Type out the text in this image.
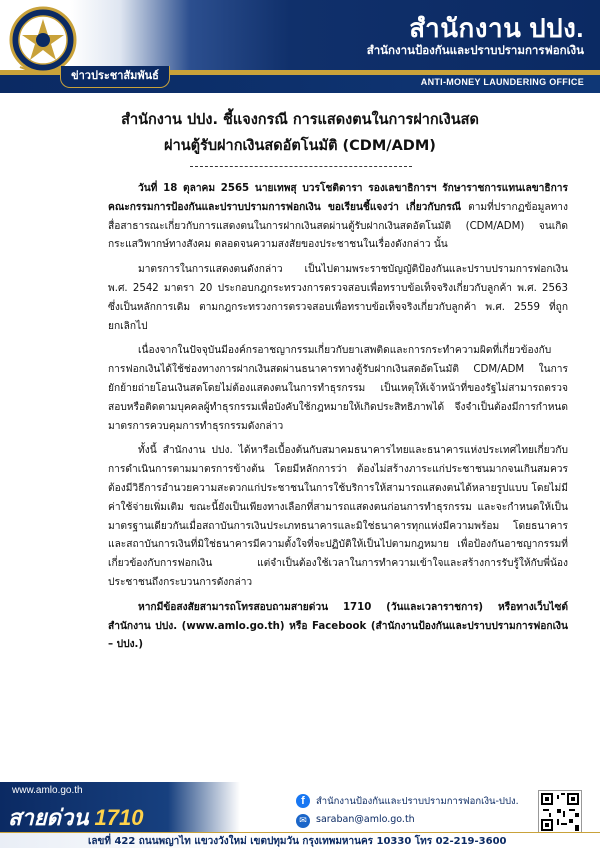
ข่าวประชาสัมพันธ์
สำนักงาน ปปง.
สำนักงานป้องกันและปราบปรามการฟอกเงิน
ANTI-MONEY LAUNDERING OFFICE
สำนักงาน ปปง. ชี้แจงกรณี การแสดงตนในการฝากเงินสด
ผ่านตู้รับฝากเงินสดอัตโนมัติ (CDM/ADM)

วันที่ 18 ตุลาคม 2565 นายเทพสุ บวรโชติดารา รองเลขาธิการฯ รักษาราชการแทนเลขาธิการคณะกรรมการป้องกันและปราบปรามการฟอกเงิน ขอเรียนชี้แจงว่า เกี่ยวกับกรณี ตามที่ปรากฏข้อมูลทางสื่อสาธารณะเกี่ยวกับการแสดงตนในการฝากเงินสดผ่านตู้รับฝากเงินสดอัตโนมัติ (CDM/ADM) จนเกิดกระแสวิพากษ์ทางสังคม ตลอดจนความสงสัยของประชาชนในเรื่องดังกล่าว นั้น

มาตรการในการแสดงตนดังกล่าว เป็นไปตามพระราชบัญญัติป้องกันและปราบปรามการฟอกเงิน พ.ศ. 2542 มาตรา 20 ประกอบกฎกระทรวงการตรวจสอบเพื่อทราบข้อเท็จจริงเกี่ยวกับลูกค้า พ.ศ. 2563 ซึ่งเป็นหลักการเดิม ตามกฎกระทรวงการตรวจสอบเพื่อทราบข้อเท็จจริงเกี่ยวกับลูกค้า พ.ศ. 2559 ที่ถูกยกเลิกไป

เนื่องจากในปัจจุบันมีองค์กรอาชญากรรมเกี่ยวกับยาเสพติดและการกระทำความผิดที่เกี่ยวข้องกับการฟอกเงินได้ใช้ช่องทางการฝากเงินสดผ่านธนาคารทางตู้รับฝากเงินสดอัตโนมัติ CDM/ADM ในการยักย้ายถ่ายโอนเงินสดโดยไม่ต้องแสดงตนในการทำธุรกรรม เป็นเหตุให้เจ้าหน้าที่ของรัฐไม่สามารถตรวจสอบหรือติดตามบุคคลผู้ทำธุรกรรมเพื่อบังคับใช้กฎหมายให้เกิดประสิทธิภาพได้ จึงจำเป็นต้องมีการกำหนดมาตรการควบคุมการทำธุรกรรมดังกล่าว

ทั้งนี้ สำนักงาน ปปง. ได้หารือเบื้องต้นกับสมาคมธนาคารไทยและธนาคารแห่งประเทศไทยเกี่ยวกับการดำเนินการตามมาตรการข้างต้น โดยมีหลักการว่า ต้องไม่สร้างภาระแก่ประชาชนมากจนเกินสมควร ต้องมีวิธีการอำนวยความสะดวกแก่ประชาชนในการใช้บริการให้สามารถแสดงตนได้หลายรูปแบบ โดยไม่มีค่าใช้จ่ายเพิ่มเติม ขณะนี้ยังเป็นเพียงทางเลือกที่สามารถแสดงตนก่อนการทำธุรกรรม และจะกำหนดให้เป็นมาตรฐานเดียวกันเมื่อสถาบันการเงินประเภทธนาคารและมิใช่ธนาคารทุกแห่งมีความพร้อม โดยธนาคารและสถาบันการเงินที่มิใช่ธนาคารมีความตั้งใจที่จะปฏิบัติให้เป็นไปตามกฎหมาย เพื่อป้องกันอาชญากรรมที่เกี่ยวข้องกับการฟอกเงิน แต่จำเป็นต้องใช้เวลาในการทำความเข้าใจและสร้างการรับรู้ให้กับพี่น้องประชาชนถึงกระบวนการดังกล่าว

หากมีข้อสงสัยสามารถโทรสอบถามสายด่วน 1710 (วันและเวลาราชการ) หรือทางเว็บไซต์สำนักงาน ปปง. (www.amlo.go.th) หรือ Facebook (สำนักงานป้องกันและปราบปรามการฟอกเงิน – ปปง.)

www.amlo.go.th
สายด่วน 1710
f	สำนักงานป้องกันและปราบปรามการฟอกเงิน-ปปง.
✉ saraban@amlo.go.th
เลขที่ 422 ถนนพญาไท แขวงวังใหม่ เขตปทุมวัน กรุงเทพมหานคร 10330 โทร 02-219-3600
